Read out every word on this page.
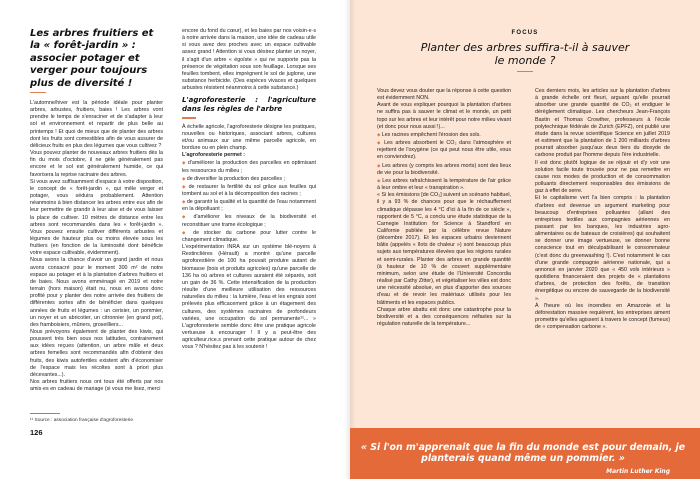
Les arbres fruitiers et la « forêt-jardin » : associer potager et verger pour toujours plus de diversité !

L'automne/hiver est la période idéale pour planter arbres, arbustes, fruitiers, baies ! Les arbres vont prendre le temps de s'enraciner et de s'adapter à leur sol et environnement et repartir de plus belle au printemps ! Et quoi de mieux que de planter des arbres dont les fruits sont comestibles afin de vous assurer de délicieux fruits en plus des légumes que vous cultivez ?

Vous pouvez planter de nouveaux arbres fruitiers dès la fin du mois d'octobre, il ne gèle généralement pas encore et le sol est généralement humide, ce qui favorisera la reprise racinaire des arbres.

Si vous avez suffisamment d'espace à votre disposition, le concept de « forêt-jardin », qui mêle verger et potager, vous séduira probablement. Attention néanmoins à bien distancer les arbres entre eux afin de leur permettre de grandir à leur aise et de vous laisser la place de cultiver. 10 mètres de distance entre les arbres sont recommandés dans les « forêt-jardin ». Vous pouvez ensuite cultiver différents arbustes et légumes de hauteur plus ou moins élevée sous les fruitiers (en fonction de la luminosité dont bénéficie votre espace cultivable, évidemment).

Nous avons la chance d'avoir un grand jardin et nous avons consacré pour le moment 300 m² de notre espace au potager et à la plantation d'arbres fruitiers et de baies. Nous avons emménagé en 2019 et notre terrain (hors maison) était nu, nous en avons donc profité pour y planter des notre arrivée des fruitiers de différentes sortes afin de bénéficier dans quelques années de fruits et légumes : un cerisier, un pommier, un noyer et un abricotier, un citronnier (en grand pot), des framboisiers, mûriers, groseilliers...

Nous prévoyons également de planter des kiwis, qui poussent très bien sous nos latitudes, contrairement aux idées reçues (attention, un arbre mâle et deux arbres femelles sont recommandés afin d'obtenir des fruits, des kiwis autofertiles existent afin d'économiser de l'espace mais les récoltes sont à priori plus décevantes...).

Nos arbres fruitiers nous ont tous été offerts par nos amis·es en cadeau de mariage (si vous me lisez, merci

encore du fond du cœur), et les baies par nos voisin·e·s à notre arrivée dans la maison, une idée de cadeau utile si vous avez des proches avec un espace cultivable assez grand ! Attention si vous désirez planter un noyer, il s'agit d'un arbre « égoïste » qui ne supporte pas la présence de végétation sous son feuillage. Lorsque ses feuilles tombent, elles imprègnent le sol de juglone, une substance herbicide. (Des espèces vivaces et quelques arbustes résistent néanmoins à cette substance.)

L'agroforesterie : l'agriculture dans les règles de l'arbre

À échelle agricole, l'agroforesterie désigne les pratiques, nouvelles ou historiques, associant arbres, cultures et/ou animaux sur une même parcelle agricole, en bordure ou en plein champ.

L'agroforesterie permet :

◆ d'améliorer la production des parcelles en optimisant les ressources du milieu ;

◆ de diversifier la production des parcelles ;

◆ de restaurer la fertilité du sol grâce aux feuilles qui tombent au sol et à la décomposition des racines ;

◆ de garantir la qualité et la quantité de l'eau notamment en la dépolluant ;

◆ d'améliorer les niveaux de la biodiversité et reconstituer une trame écologique ;

◆ de stocker du carbone pour lutter contre le changement climatique.

L'expérimentation INRA sur un système blé-noyers à Restinclières (Hérault) a montré qu'une parcelle agroforestière de 100 ha pouvait produire autant de biomasse (bois et produits agricoles) qu'une parcelle de 136 ha où arbres et cultures auraient été séparés, soit un gain de 36 %. Cette intensification de la production résulte d'une meilleure utilisation des ressources naturelles du milieu : la lumière, l'eau et les engrais sont prélevés plus efficacement grâce à un étagement des cultures, des systèmes racinaires de profondeurs variées, une occupation du sol permanente¹¹... » L'agroforesterie semble donc être une pratique agricole vertueuse à encourager ! Il y a peut-être des agriculteur.rice.s prenant cette pratique autour de chez vous ? N'hésitez pas à les soutenir !

¹¹ Source : association française d'agroforesterie
126
FOCUS
Planter des arbres suffira-t-il à sauver le monde ?

Vous devez vous douter que la réponse à cette question est évidemment NON.

Avant de vous expliquer pourquoi la plantation d'arbres ne suffira pas à sauver le climat et le monde, un petit topo sur les arbres et leur intérêt pour notre milieu vivant (et donc pour nous aussi !)...

◆ Les racines empêchent l'érosion des sols.

◆ Les arbres absorbent le CO₂ dans l'atmosphère et rejettent de l'oxygène (ce qui peut nous être utile, vous en conviendrez).

◆ Les arbres (y compris les arbres morts) sont des lieux de vie pour la biodiversité.

◆ Les arbres rafraîchissent la température de l'air grâce à leur ombre et leur « transpiration ».

« Si les émissions [de CO₂] suivent un scénario habituel, il y a 93 % de chances pour que le réchauffement climatique dépasse les 4 °C d'ici à la fin de ce siècle », rapportent de 5 °C, a conclu une étude statistique de la Carnegie Institution for Science à Standford en Californie publiée par la célèbre revue Nature (décembre 2017). Et les espaces urbains deviennent bâtis (appelés « îlots de chaleur ») sont beaucoup plus sujets aux températures élevées que les régions rurales et semi-rurales. Planter des arbres en grande quantité (à hauteur de 10 % de couvert supplémentaire minimum, selon une étude de l'Université Concordia réalisé par Cathy Zitter), et végétaliser les villes est donc une nécessité absolue, en plus d'apporter des sources d'eau et de revoir les matériaux utilisés pour les bâtiments et les espaces publics.

Chaque arbre abattu est donc une catastrophe pour la biodiversité et a des conséquences néfastes sur la régulation naturelle de la température...

Ces derniers mois, les articles sur la plantation d'arbres à grande échelle ont fleuri, arguant qu'elle pourrait absorber une grande quantité de CO₂ et endiguer le dérèglement climatique. Les chercheurs Jean-François Bastin et Thomas Crowther, professeurs à l'école polytechnique fédérale de Zurich (EPFZ), ont publié une étude dans la revue scientifique Science en juillet 2019 et estiment que la plantation de 1 200 milliards d'arbres pourrait absorber jusqu'aux deux tiers du dioxyde de carbone produit par l'homme depuis l'ère industrielle.

Il est donc plutôt logique de se réjouir et d'y voir une solution facile toute trouvée pour ne pas remettre en cause nos modes de production et de consommation polluants directement responsables des émissions de gaz à effet de serre.

Et le capitalisme vert l'a bien compris : la plantation d'arbres est devenue un argument marketing pour beaucoup d'entreprises polluantes (allant des entreprises textiles aux compagnies aériennes en passant par les banques, les industries agro-alimentaires ou de bateaux de croisières) qui souhaitent se donner une image vertueuse, se donner bonne conscience tout en déculpabilisant le consommateur (c'est donc du greenwashing !). C'est notamment le cas d'une grande compagnie aérienne nationale, qui a annoncé en janvier 2020 que « 450 vols intérieurs » quotidiens financeraient des projets de « plantations d'arbres, de protection des forêts, de transition énergétique ou encore de sauvegarde de la biodiversité ».

À l'heure où les incendies en Amazonie et la déforestation massive requièrent, les entreprises aiment promettre qu'elles agissent à travers le concept (fumeux) de « compensation carbone ».

« Si l'on m'apprenait que la fin du monde est pour demain, je planterais quand même un pommier. »
Martin Luther King
